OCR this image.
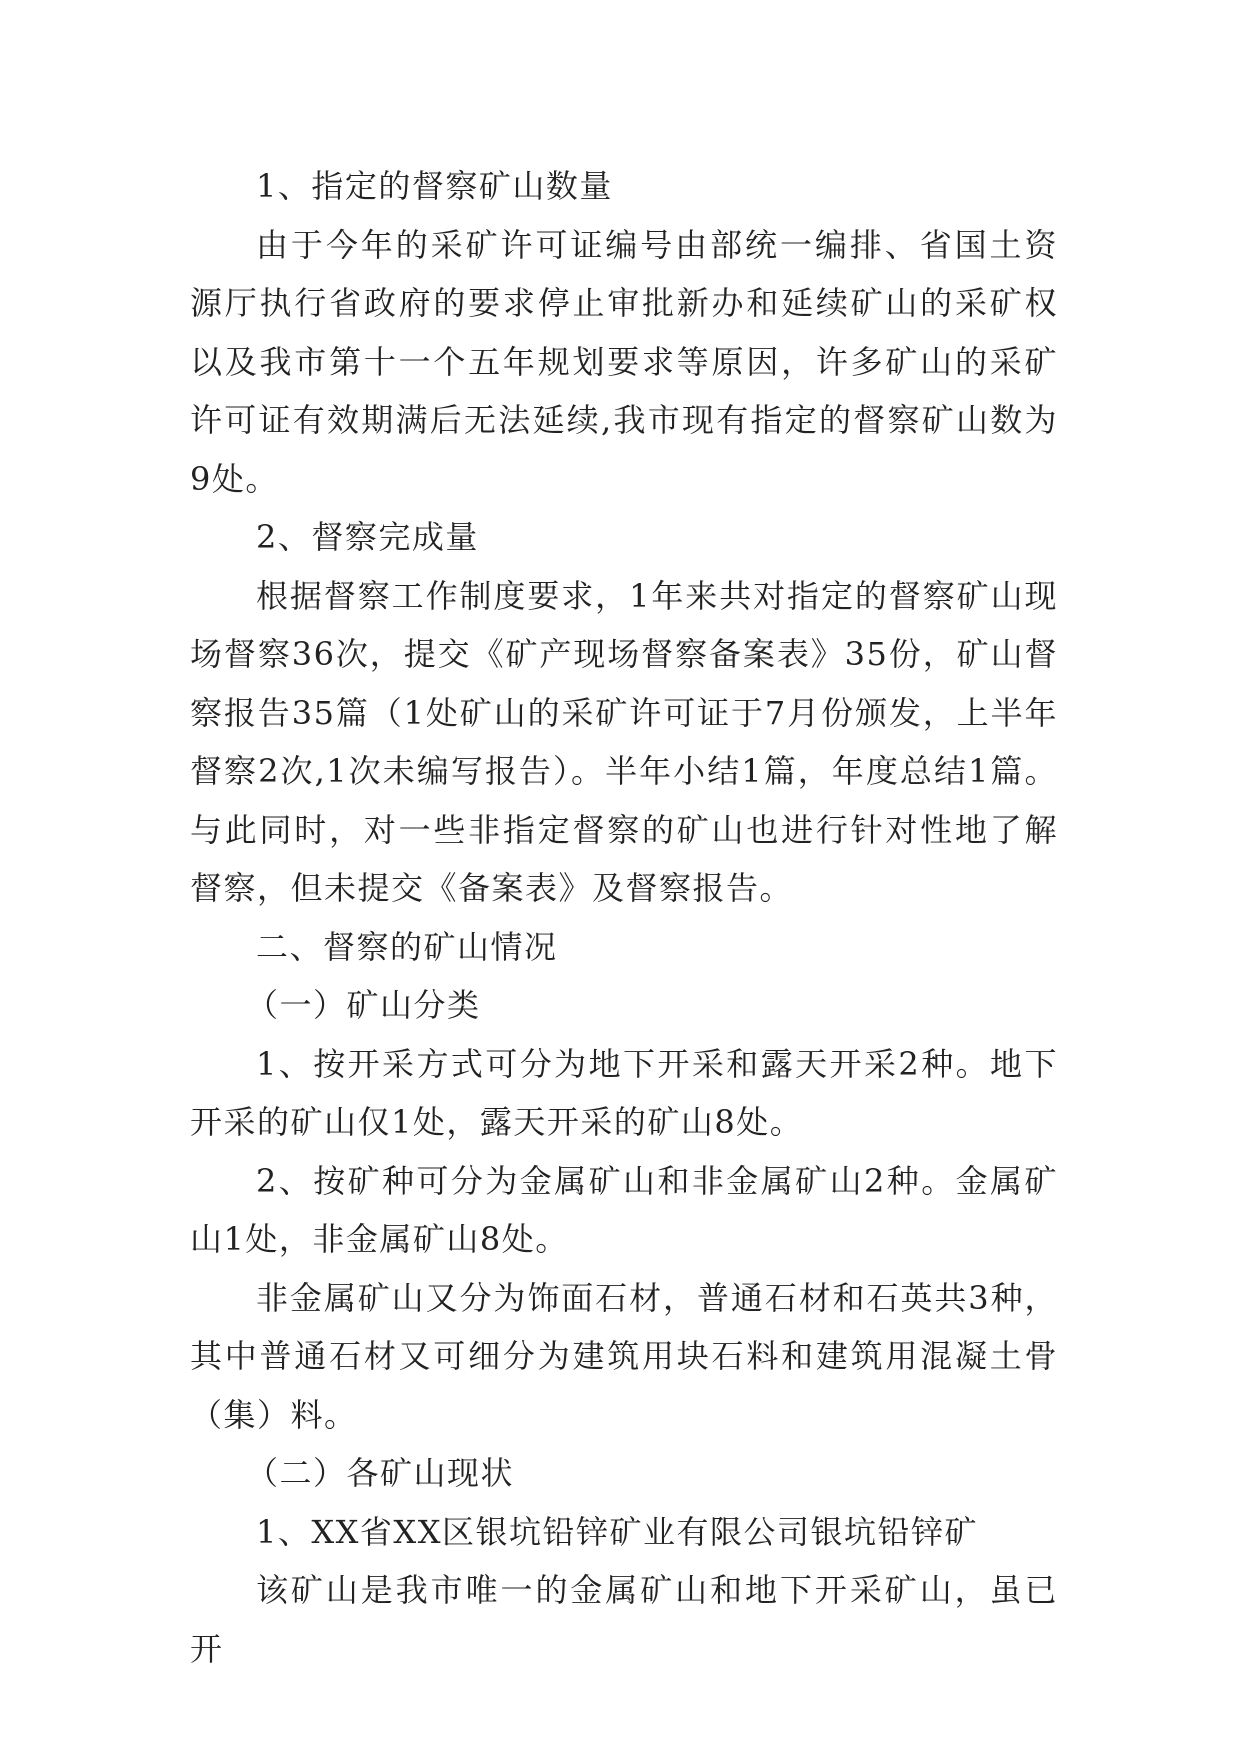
1、指定的督察矿山数量

由于今年的采矿许可证编号由部统一编排、省国土资源厅执行省政府的要求停止审批新办和延续矿山的采矿权以及我市第十一个五年规划要求等原因，许多矿山的采矿许可证有效期满后无法延续,我市现有指定的督察矿山数为9处。

2、督察完成量

根据督察工作制度要求，1年来共对指定的督察矿山现场督察36次，提交《矿产现场督察备案表》35份，矿山督察报告35篇（1处矿山的采矿许可证于7月份颁发，上半年督察2次,1次未编写报告）。半年小结1篇，年度总结1篇。与此同时，对一些非指定督察的矿山也进行针对性地了解督察，但未提交《备案表》及督察报告。

二、督察的矿山情况

（一）矿山分类

1、按开采方式可分为地下开采和露天开采2种。地下开采的矿山仅1处，露天开采的矿山8处。

2、按矿种可分为金属矿山和非金属矿山2种。金属矿山1处，非金属矿山8处。

非金属矿山又分为饰面石材，普通石材和石英共3种，其中普通石材又可细分为建筑用块石料和建筑用混凝土骨（集）料。

（二）各矿山现状

1、XX省XX区银坑铅锌矿业有限公司银坑铅锌矿

该矿山是我市唯一的金属矿山和地下开采矿山，虽已开
